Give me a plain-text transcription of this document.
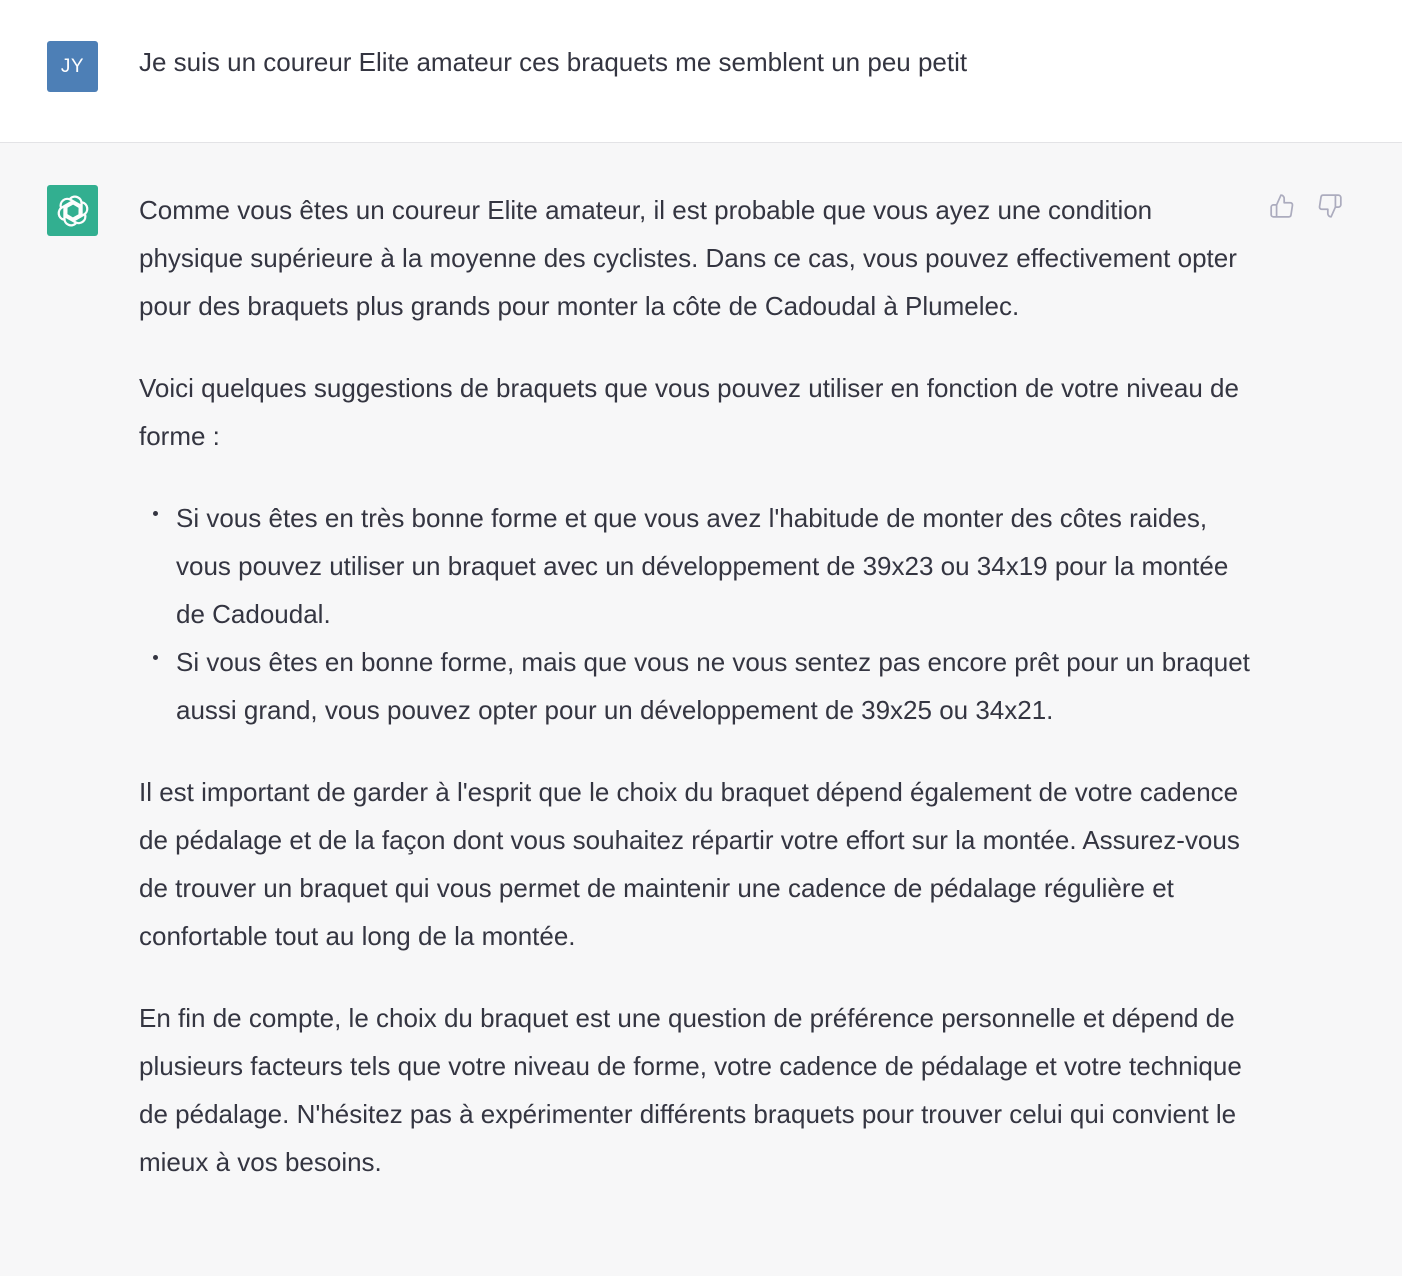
JY Je suis un coureur Elite amateur ces braquets me semblent un peu petit

Comme vous êtes un coureur Elite amateur, il est probable que vous ayez une condition physique supérieure à la moyenne des cyclistes. Dans ce cas, vous pouvez effectivement opter pour des braquets plus grands pour monter la côte de Cadoudal à Plumelec.

Voici quelques suggestions de braquets que vous pouvez utiliser en fonction de votre niveau de forme :

Si vous êtes en très bonne forme et que vous avez l'habitude de monter des côtes raides, vous pouvez utiliser un braquet avec un développement de 39x23 ou 34x19 pour la montée de Cadoudal.
Si vous êtes en bonne forme, mais que vous ne vous sentez pas encore prêt pour un braquet aussi grand, vous pouvez opter pour un développement de 39x25 ou 34x21.

Il est important de garder à l'esprit que le choix du braquet dépend également de votre cadence de pédalage et de la façon dont vous souhaitez répartir votre effort sur la montée. Assurez-vous de trouver un braquet qui vous permet de maintenir une cadence de pédalage régulière et confortable tout au long de la montée.

En fin de compte, le choix du braquet est une question de préférence personnelle et dépend de plusieurs facteurs tels que votre niveau de forme, votre cadence de pédalage et votre technique de pédalage. N'hésitez pas à expérimenter différents braquets pour trouver celui qui convient le mieux à vos besoins.
